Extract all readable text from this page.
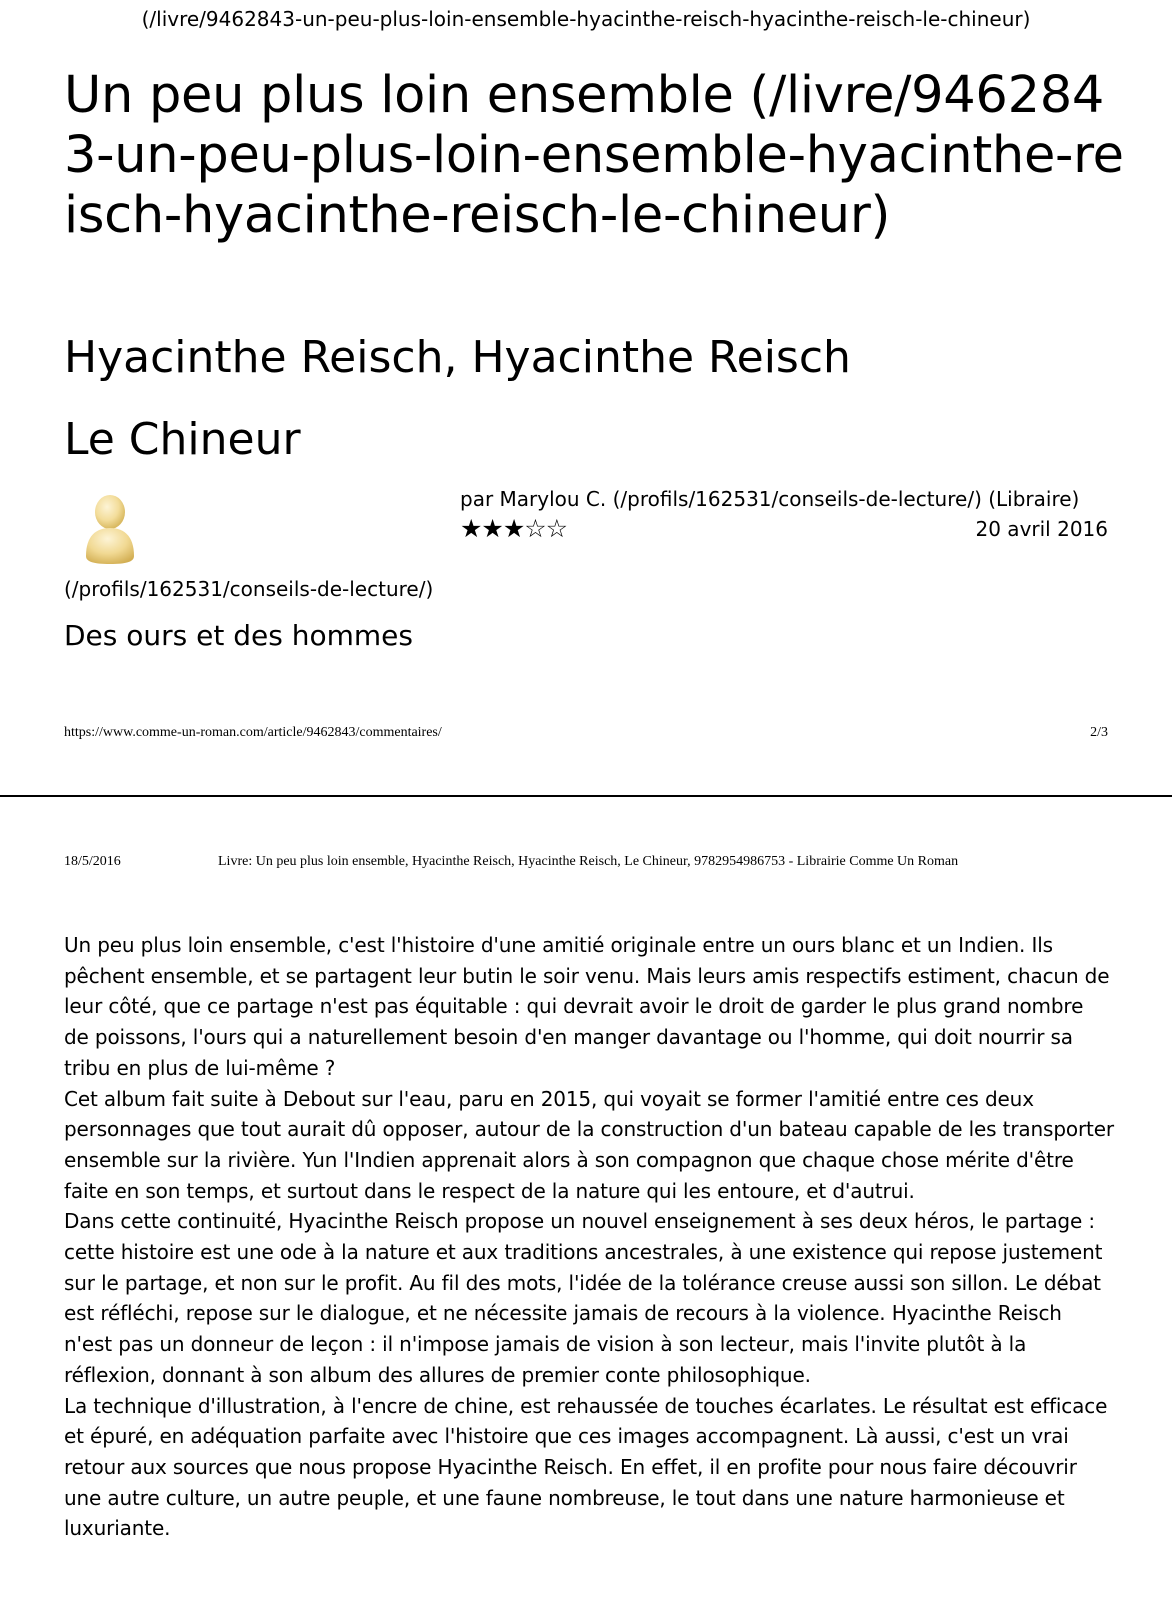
(/livre/9462843-un-peu-plus-loin-ensemble-hyacinthe-reisch-hyacinthe-reisch-le-chineur)
Un peu plus loin ensemble (/livre/9462843-un-peu-plus-loin-ensemble-hyacinthe-reisch-hyacinthe-reisch-le-chineur)
Hyacinthe Reisch, Hyacinthe Reisch
Le Chineur
(/profils/162531/conseils-de-lecture/)
par Marylou C. (/profils/162531/conseils-de-lecture/) (Libraire)
★★★☆☆	20 avril 2016
Des ours et des hommes
https://www.comme-un-roman.com/article/9462843/commentaires/	2/3
18/5/2016	Livre: Un peu plus loin ensemble, Hyacinthe Reisch, Hyacinthe Reisch, Le Chineur, 9782954986753 - Librairie Comme Un Roman

Un peu plus loin ensemble, c'est l'histoire d'une amitié originale entre un ours blanc et un Indien. Ils pêchent ensemble, et se partagent leur butin le soir venu. Mais leurs amis respectifs estiment, chacun de leur côté, que ce partage n'est pas équitable : qui devrait avoir le droit de garder le plus grand nombre de poissons, l'ours qui a naturellement besoin d'en manger davantage ou l'homme, qui doit nourrir sa tribu en plus de lui-même ?

Cet album fait suite à Debout sur l'eau, paru en 2015, qui voyait se former l'amitié entre ces deux personnages que tout aurait dû opposer, autour de la construction d'un bateau capable de les transporter ensemble sur la rivière. Yun l'Indien apprenait alors à son compagnon que chaque chose mérite d'être faite en son temps, et surtout dans le respect de la nature qui les entoure, et d'autrui.

Dans cette continuité, Hyacinthe Reisch propose un nouvel enseignement à ses deux héros, le partage : cette histoire est une ode à la nature et aux traditions ancestrales, à une existence qui repose justement sur le partage, et non sur le profit. Au fil des mots, l'idée de la tolérance creuse aussi son sillon. Le débat est réfléchi, repose sur le dialogue, et ne nécessite jamais de recours à la violence. Hyacinthe Reisch n'est pas un donneur de leçon : il n'impose jamais de vision à son lecteur, mais l'invite plutôt à la réflexion, donnant à son album des allures de premier conte philosophique.

La technique d'illustration, à l'encre de chine, est rehaussée de touches écarlates. Le résultat est efficace et épuré, en adéquation parfaite avec l'histoire que ces images accompagnent. Là aussi, c'est un vrai retour aux sources que nous propose Hyacinthe Reisch. En effet, il en profite pour nous faire découvrir une autre culture, un autre peuple, et une faune nombreuse, le tout dans une nature harmonieuse et luxuriante.
